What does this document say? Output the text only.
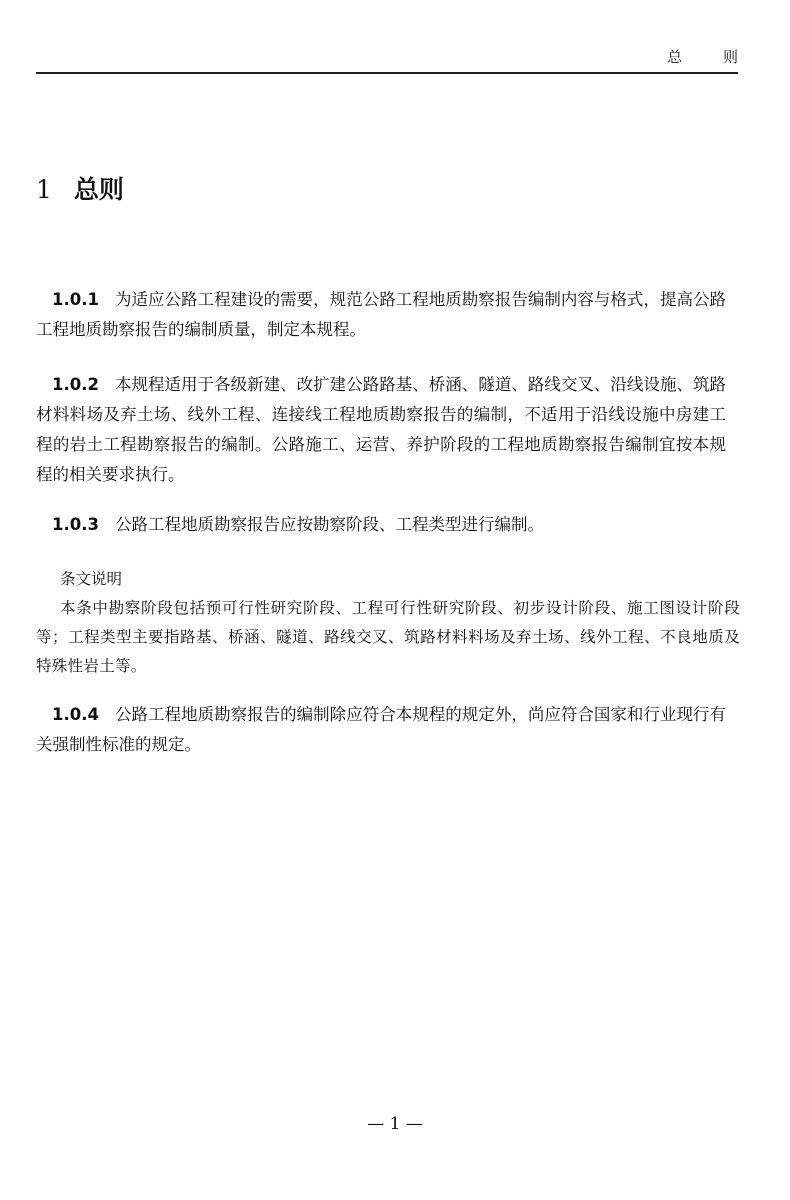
总 则
1 总则

1.0.1 为适应公路工程建设的需要，规范公路工程地质勘察报告编制内容与格式，提高公路工程地质勘察报告的编制质量，制定本规程。

1.0.2 本规程适用于各级新建、改扩建公路路基、桥涵、隧道、路线交叉、沿线设施、筑路材料料场及弃土场、线外工程、连接线工程地质勘察报告的编制，不适用于沿线设施中房建工程的岩土工程勘察报告的编制。公路施工、运营、养护阶段的工程地质勘察报告编制宜按本规程的相关要求执行。

1.0.3 公路工程地质勘察报告应按勘察阶段、工程类型进行编制。

条文说明
本条中勘察阶段包括预可行性研究阶段、工程可行性研究阶段、初步设计阶段、施工图设计阶段等；工程类型主要指路基、桥涵、隧道、路线交叉、筑路材料料场及弃土场、线外工程、不良地质及特殊性岩土等。

1.0.4 公路工程地质勘察报告的编制除应符合本规程的规定外，尚应符合国家和行业现行有关强制性标准的规定。

— 1 —
